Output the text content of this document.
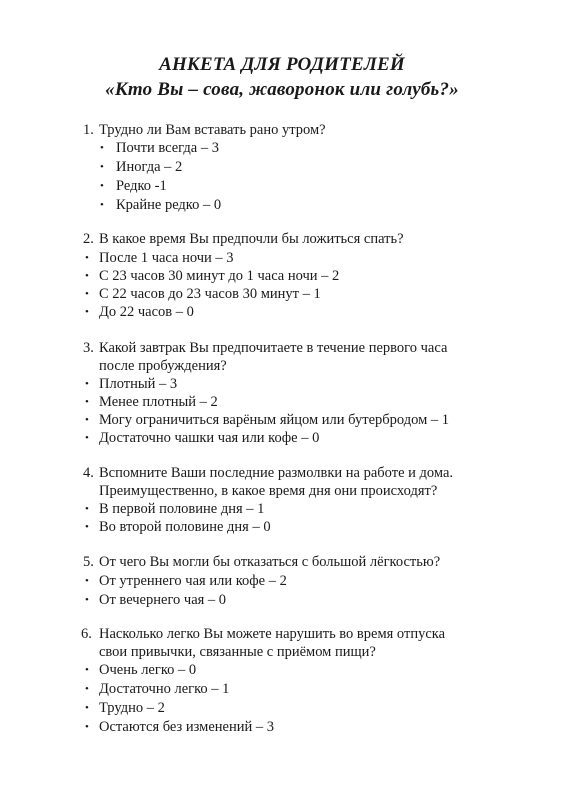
АНКЕТА ДЛЯ РОДИТЕЛЕЙ
«Кто Вы – сова, жаворонок или голубь?»
1. Трудно ли Вам вставать рано утром?
• Почти всегда – 3
• Иногда – 2
• Редко -1
• Крайне редко – 0
2. В какое время Вы предпочли бы ложиться спать?
• После 1 часа ночи – 3
• С 23 часов 30 минут до 1 часа ночи – 2
• С 22 часов до 23 часов 30 минут – 1
• До 22 часов – 0
3. Какой завтрак Вы предпочитаете в течение первого часа
после пробуждения?
• Плотный – 3
• Менее плотный – 2
• Могу ограничиться варёным яйцом или бутербродом – 1
• Достаточно чашки чая или кофе – 0
4. Вспомните Ваши последние размолвки на работе и дома.
Преимущественно, в какое время дня они происходят?
• В первой половине дня – 1
• Во второй половине дня – 0
5. От чего Вы могли бы отказаться с большой лёгкостью?
• От утреннего чая или кофе – 2
• От вечернего чая – 0
6. Насколько легко Вы можете нарушить во время отпуска
свои привычки, связанные с приёмом пищи?
• Очень легко – 0
• Достаточно легко – 1
• Трудно – 2
• Остаются без изменений – 3
